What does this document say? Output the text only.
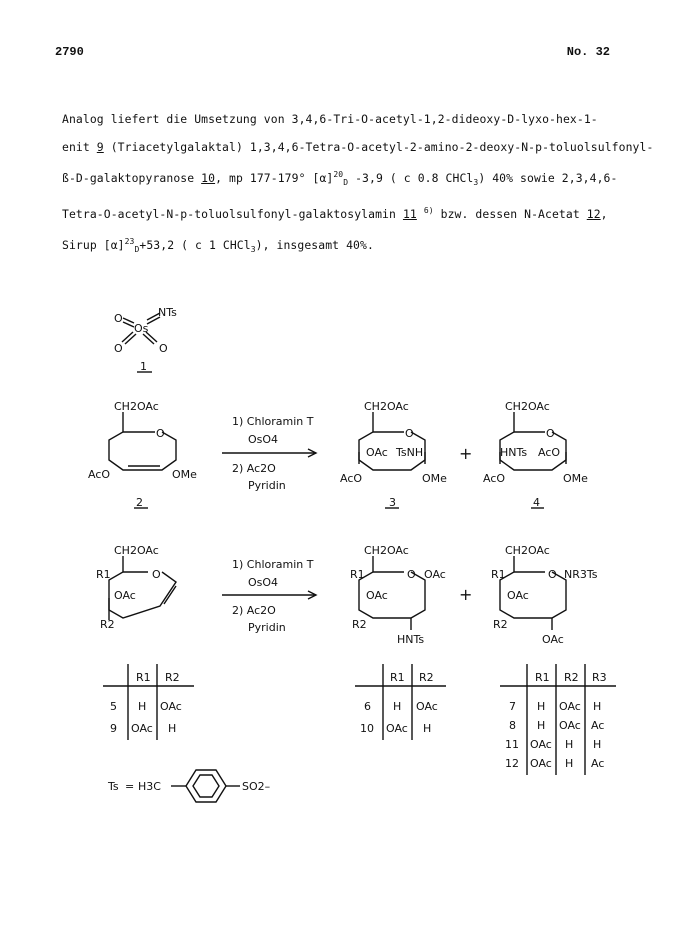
2790	No. 32
Analog liefert die Umsetzung von 3,4,6-Tri-O-acetyl-1,2-dideoxy-D-lyxo-hex-1-
enit 9 (Triacetylgalaktal) 1,3,4,6-Tetra-O-acetyl-2-amino-2-deoxy-N-p-toluolsulfonyl-
ß-D-galaktopyranose 10, mp 177-179° $[\alpha]^{20}_D$ -3,9 ( c 0.8 CHCl$_3$) 40% sowie 2,3,4,6-
Tetra-O-acetyl-N-p-toluolsulfonyl-galaktosylamin 11 $^{6)}$ bzw. dessen N-Acetat 12,
Sirup $[\alpha]^{23}_D+53,2$ ( c 1 CHCl$_3$), insgesamt 40%.
O
Os
NTs
O	O
1
CH2OAc
O
AcO	OMe
2
1) Chloramin T
OsO4
2) Ac2O
Pyridin
CH2OAc
O
OAc TsNH
AcO	OMe
3
+
CH2OAc
O
HNTs AcO
AcO	OMe
4
CH2OAc
R1	O
OAc
R2
1) Chloramin T
OsO4
2) Ac2O
Pyridin
CH2OAc
R1	O OAc
OAc
R2
HNTs
+
CH2OAc
R1	O NR3Ts
OAc
R2
OAc
R1 R2
5 H OAc
9 OAc H
R1 R2
6 H OAc
10 OAc H
R1 R2 R3
7 H OAc H
8 H OAc Ac
11 OAc H H
12 OAc H Ac
Ts = H3C	SO2–
